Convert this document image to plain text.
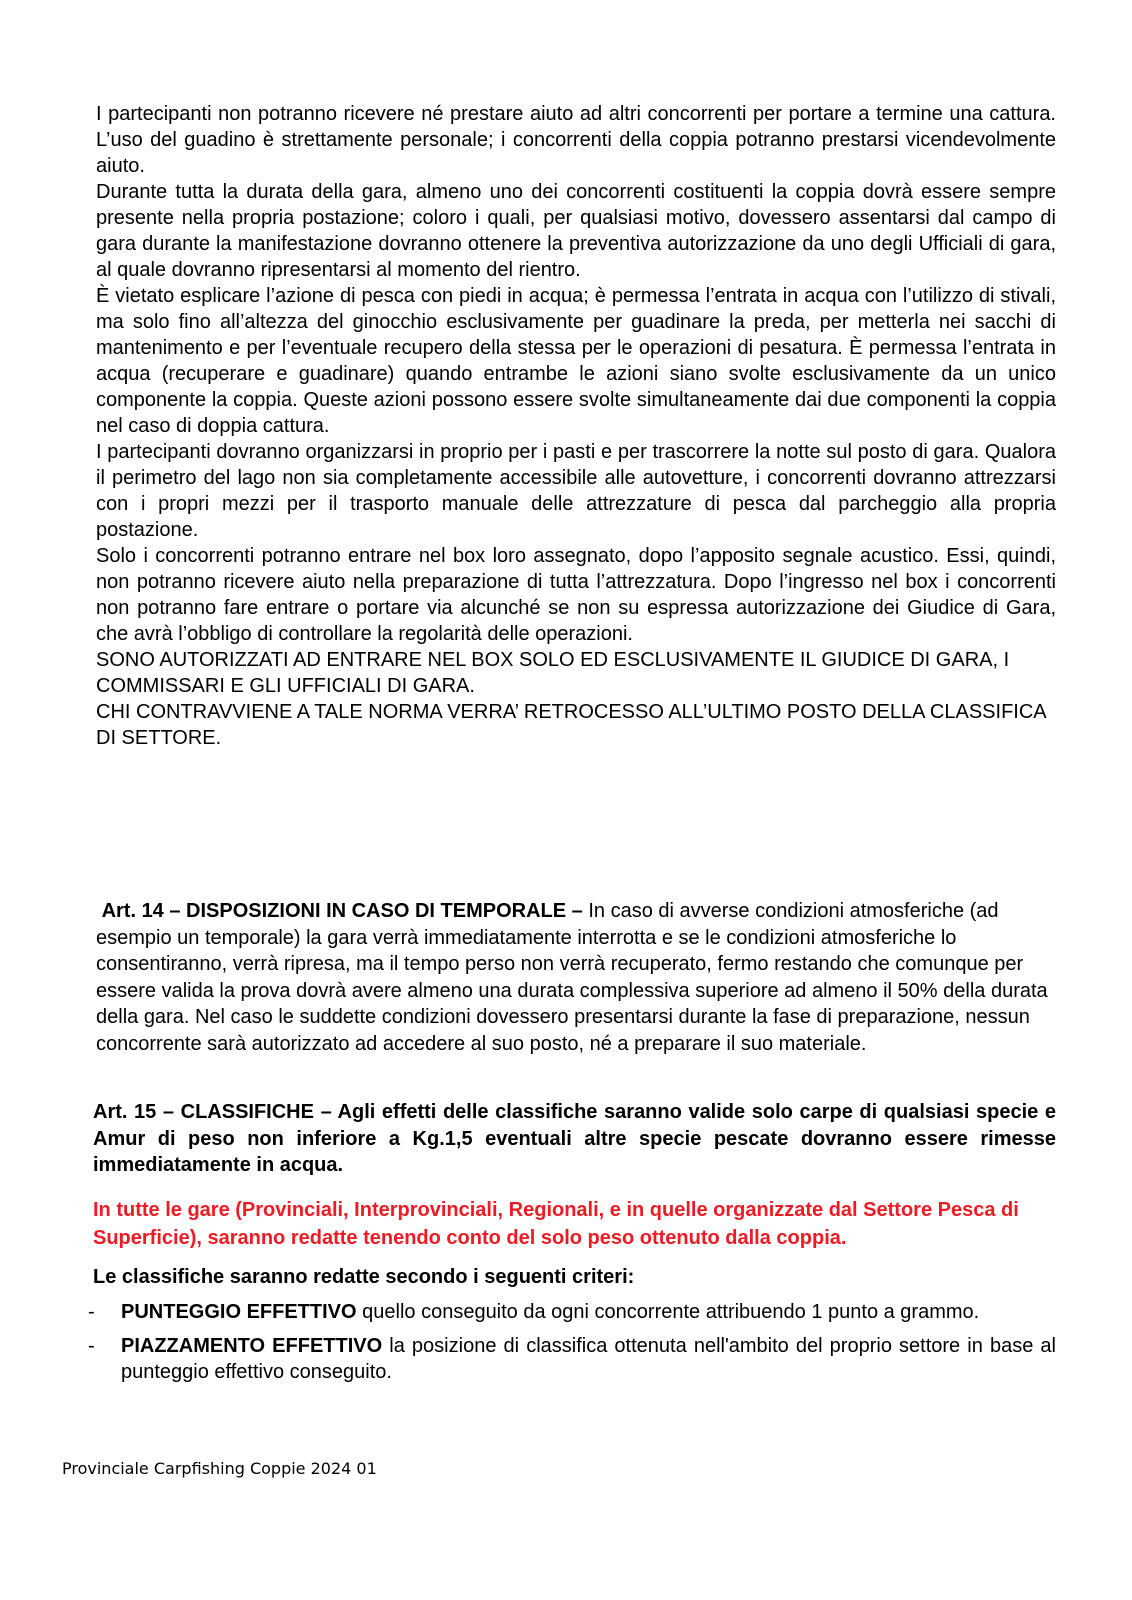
I partecipanti non potranno ricevere né prestare aiuto ad altri concorrenti per portare a termine una cattura. L’uso del guadino è strettamente personale; i concorrenti della coppia potranno prestarsi vicendevolmente aiuto.

Durante tutta la durata della gara, almeno uno dei concorrenti costituenti la coppia dovrà essere sempre presente nella propria postazione; coloro i quali, per qualsiasi motivo, dovessero assentarsi dal campo di gara durante la manifestazione dovranno ottenere la preventiva autorizzazione da uno degli Ufficiali di gara, al quale dovranno ripresentarsi al momento del rientro.

È vietato esplicare l’azione di pesca con piedi in acqua; è permessa l’entrata in acqua con l’utilizzo di stivali, ma solo fino all’altezza del ginocchio esclusivamente per guadinare la preda, per metterla nei sacchi di mantenimento e per l’eventuale recupero della stessa per le operazioni di pesatura. È permessa l’entrata in acqua (recuperare e guadinare) quando entrambe le azioni siano svolte esclusivamente da un unico componente la coppia. Queste azioni possono essere svolte simultaneamente dai due componenti la coppia nel caso di doppia cattura.

I partecipanti dovranno organizzarsi in proprio per i pasti e per trascorrere la notte sul posto di gara. Qualora il perimetro del lago non sia completamente accessibile alle autovetture, i concorrenti dovranno attrezzarsi con i propri mezzi per il trasporto manuale delle attrezzature di pesca dal parcheggio alla propria postazione.

Solo i concorrenti potranno entrare nel box loro assegnato, dopo l’apposito segnale acustico. Essi, quindi, non potranno ricevere aiuto nella preparazione di tutta l’attrezzatura. Dopo l’ingresso nel box i concorrenti non potranno fare entrare o portare via alcunché se non su espressa autorizzazione dei Giudice di Gara, che avrà l’obbligo di controllare la regolarità delle operazioni.

SONO AUTORIZZATI AD ENTRARE NEL BOX SOLO ED ESCLUSIVAMENTE IL GIUDICE DI GARA, I COMMISSARI E GLI UFFICIALI DI GARA.

CHI CONTRAVVIENE A TALE NORMA VERRA’ RETROCESSO ALL’ULTIMO POSTO DELLA CLASSIFICA DI SETTORE.

Art. 14 – DISPOSIZIONI IN CASO DI TEMPORALE – In caso di avverse condizioni atmosferiche (ad esempio un temporale) la gara verrà immediatamente interrotta e se le condizioni atmosferiche lo consentiranno, verrà ripresa, ma il tempo perso non verrà recuperato, fermo restando che comunque per essere valida la prova dovrà avere almeno una durata complessiva superiore ad almeno il 50% della durata della gara. Nel caso le suddette condizioni dovessero presentarsi durante la fase di preparazione, nessun concorrente sarà autorizzato ad accedere al suo posto, né a preparare il suo materiale.
Art. 15 – CLASSIFICHE – Agli effetti delle classifiche saranno valide solo carpe di qualsiasi specie e Amur di peso non inferiore a Kg.1,5 eventuali altre specie pescate dovranno essere rimesse immediatamente in acqua.
In tutte le gare (Provinciali, Interprovinciali, Regionali, e in quelle organizzate dal Settore Pesca di Superficie), saranno redatte tenendo conto del solo peso ottenuto dalla coppia.
Le classifiche saranno redatte secondo i seguenti criteri:
- PUNTEGGIO EFFETTIVO quello conseguito da ogni concorrente attribuendo 1 punto a grammo.
- PIAZZAMENTO EFFETTIVO la posizione di classifica ottenuta nell'ambito del proprio settore in base al punteggio effettivo conseguito.
Provinciale Carpfishing Coppie 2024 01
